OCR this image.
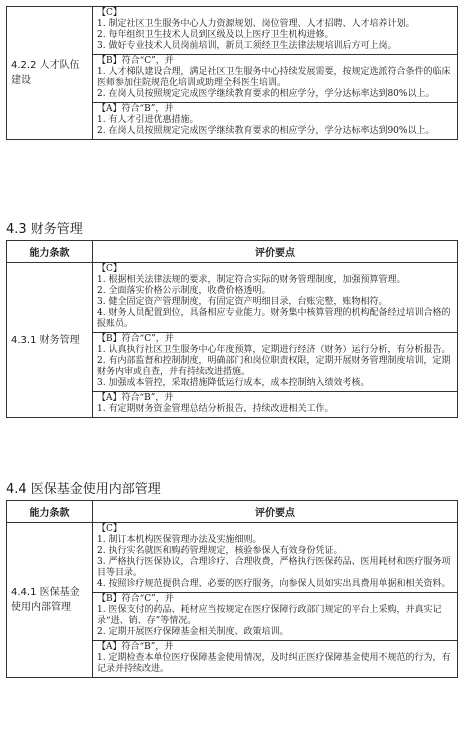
4.2.2 人才队伍建设	
【C】
1. 制定社区卫生服务中心人力资源规划、岗位管理、人才招聘、人才培养计划。
2. 每年组织卫生技术人员到区级及以上医疗卫生机构进修。
3. 做好专业技术人员岗前培训，新员工须经卫生法律法规培训后方可上岗。

【B】符合“C”，并
1. 人才梯队建设合理，满足社区卫生服务中心持续发展需要，按规定选派符合条件的临床医师参加住院规范化培训或助理全科医生培训。
2. 在岗人员按照规定完成医学继续教育要求的相应学分，学分达标率达到80%以上。

【A】符合“B”，并
1. 有人才引进优惠措施。
2. 在岗人员按照规定完成医学继续教育要求的相应学分，学分达标率达到90%以上。
4.3 财务管理
能力条款	评价要点
4.3.1 财务管理	【C】
1. 根据相关法律法规的要求，制定符合实际的财务管理制度，加强预算管理。
2. 全面落实价格公示制度，收费价格透明。
3. 健全固定资产管理制度，有固定资产明细目录，台账完整，账物相符。
4. 财务人员配置到位，具备相应专业能力。财务集中核算管理的机构配备经过培训合格的报账员。

	【B】符合“C”，并
1. 认真执行社区卫生服务中心年度预算，定期进行经济（财务）运行分析，有分析报告。
2. 有内部监督和控制制度，明确部门和岗位职责权限，定期开展财务管理制度培训，定期财务内审或自查，并有持续改进措施。
3. 加强成本管控，采取措施降低运行成本，成本控制纳入绩效考核。

	【A】符合“B”，并
1. 有定期财务资金管理总结分析报告，持续改进相关工作。
4.4 医保基金使用内部管理
能力条款	评价要点
4.4.1 医保基金使用内部管理	【C】
1. 制订本机构医保管理办法及实施细则。
2. 执行实名就医和购药管理规定，核验参保人有效身份凭证。
3. 严格执行医保协议，合理诊疗、合理收费，严格执行医保药品、医用耗材和医疗服务项目等目录。
4. 按照诊疗规范提供合理、必要的医疗服务，向参保人员如实出具费用单据和相关资料。

	【B】符合“C”，并
1. 医保支付的药品、耗材应当按规定在医疗保障行政部门规定的平台上采购，并真实记录“进、销、存”等情况。
2. 定期开展医疗保障基金相关制度、政策培训。

	【A】符合“B”，并
1. 定期检查本单位医疗保障基金使用情况，及时纠正医疗保障基金使用不规范的行为，有记录并持续改进。
